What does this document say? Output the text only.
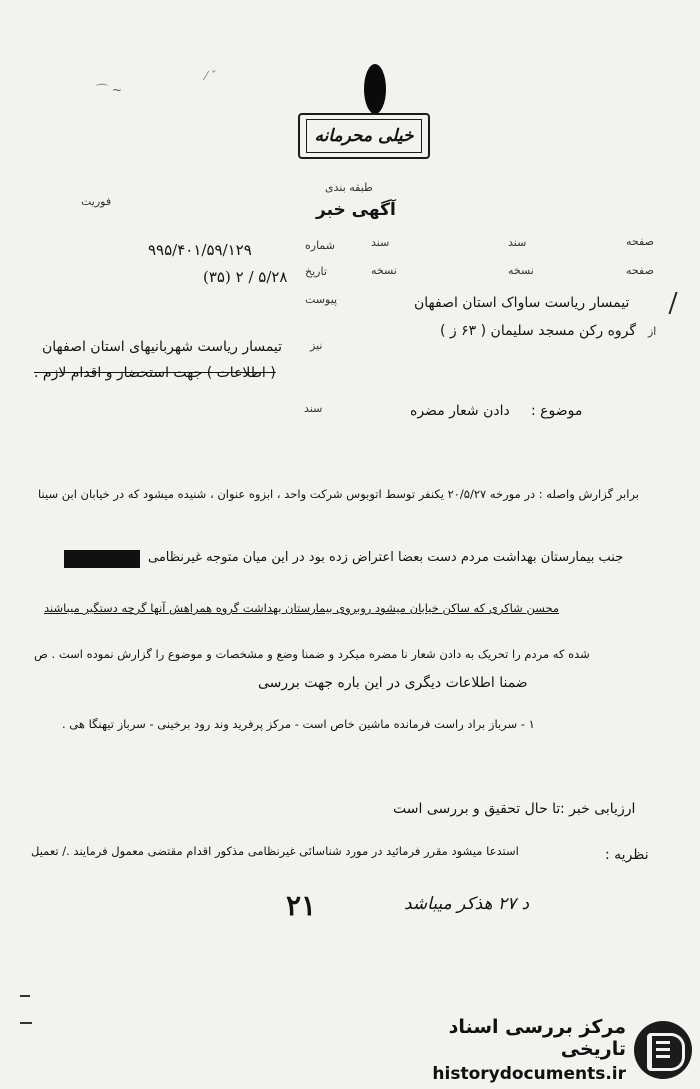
~ ⌒
ˇ ⁄
خیلی محرمانه
طبقه بندی
آگهی خبر
فوریت
صفحه
صفحه
سند
نسخه
سند
نسخه
شماره
۹۹۵/۴۰۱/۵۹/۱۲۹
تاریخ
۵/۲۸ / ۲ (۳۵)
پیوست	تیمسار ریاست ساواک استان اصفهان
گروه رکن مسجد سلیمان ( ۶۳ ز ) از
نیز
تیمسار ریاست شهربانیهای استان اصفهان
( اطلاعات ) جهت استحضار و اقدام لازم .
موضوع :
دادن شعار مضره
سند
برابر گزارش واصله : در مورخه ۲۰/۵/۲۷ یکنفر توسط اتوبوس شرکت واحد ، ابزوه عنوان ، شنیده میشود که در خیابان ابن سینا
جنب بیمارستان بهداشت مردم دست بعضا اعتراض زده بود در این میان متوجه غیرنظامی
محسن شاکری که ساکن خیابان میشود روبروی بیمارستان بهداشت گروه همراهش آنها گرچه دستگیر میباشند
شده که مردم را تحریک به دادن شعار نا مضره میکرد و ضمنا وضع و مشخصات و موضوع را گزارش نموده است . ص
ضمنا اطلاعات دیگری در این باره جهت بررسی
۱ - سرباز براد راست فرمانده ماشین خاص است - مرکز پرفرید وند رود برخینی - سرباز تیهنگا هی .
ارزیابی خبر :
تا حال تحقیق و بررسی است
نظریه :
استدعا میشود مقرر فرمائید در مورد شناسائی غیرنظامی مذکور اقدام مقتضی معمول فرمایند ./ تعمیل
د ۲۷ هذکر میباشد
۲۱
مرکز بررسی اسناد تاریخی
historydocuments.ir
